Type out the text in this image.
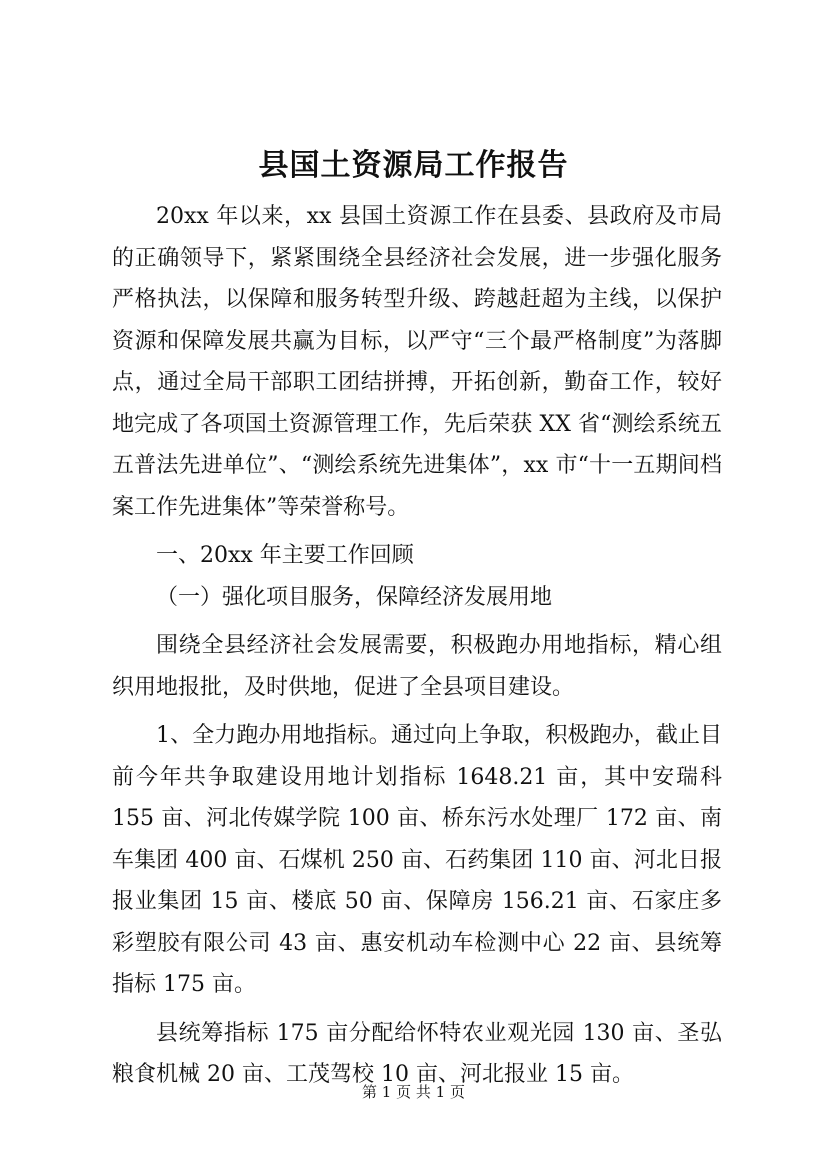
县国土资源局工作报告

20xx 年以来，xx 县国土资源工作在县委、县政府及市局的正确领导下，紧紧围绕全县经济社会发展，进一步强化服务严格执法，以保障和服务转型升级、跨越赶超为主线，以保护资源和保障发展共赢为目标，以严守“三个最严格制度”为落脚点，通过全局干部职工团结拼搏，开拓创新，勤奋工作，较好地完成了各项国土资源管理工作，先后荣获 XX 省“测绘系统五五普法先进单位”、“测绘系统先进集体”，xx 市“十一五期间档案工作先进集体”等荣誉称号。

一、20xx 年主要工作回顾

（一）强化项目服务，保障经济发展用地

围绕全县经济社会发展需要，积极跑办用地指标，精心组织用地报批，及时供地，促进了全县项目建设。

1、全力跑办用地指标。通过向上争取，积极跑办，截止目前今年共争取建设用地计划指标 1648.21 亩，其中安瑞科 155 亩、河北传媒学院 100 亩、桥东污水处理厂 172 亩、南车集团 400 亩、石煤机 250 亩、石药集团 110 亩、河北日报报业集团 15 亩、楼底 50 亩、保障房 156.21 亩、石家庄多彩塑胶有限公司 43 亩、惠安机动车检测中心 22 亩、县统筹指标 175 亩。

县统筹指标 175 亩分配给怀特农业观光园 130 亩、圣弘粮食机械 20 亩、工茂驾校 10 亩、河北报业 15 亩。

第 1 页 共 1 页
